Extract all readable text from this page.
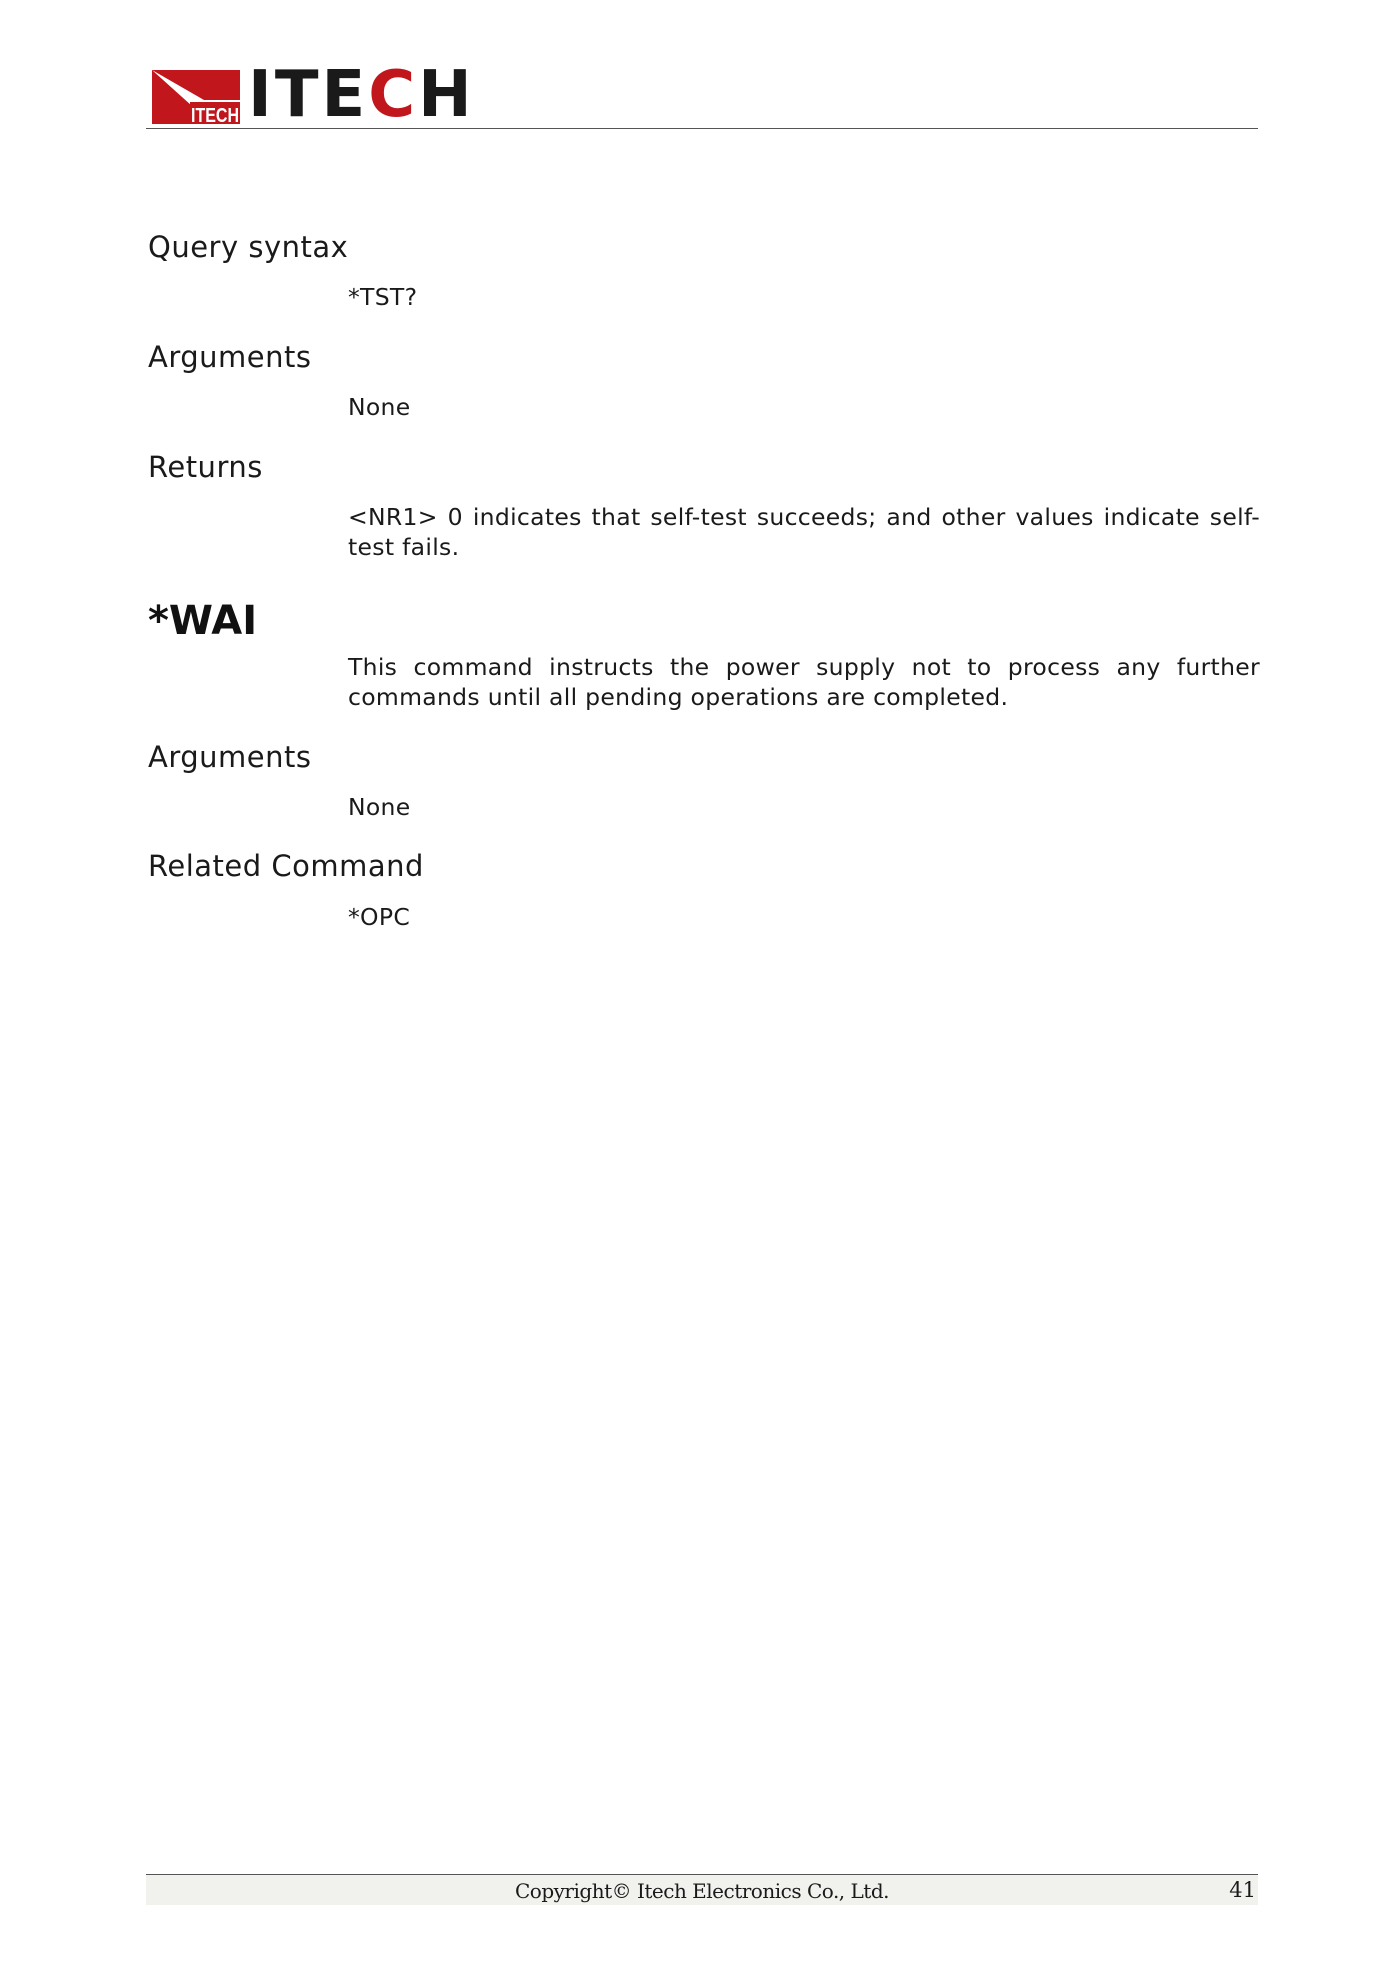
ITECH ITECH
Query syntax
*TST?
Arguments
None
Returns
<NR1> 0 indicates that self-test succeeds; and other values indicate self-test fails.
*WAI
This command instructs the power supply not to process any further commands until all pending operations are completed.
Arguments
None
Related Command
*OPC
Copyright© Itech Electronics Co., Ltd.	41
